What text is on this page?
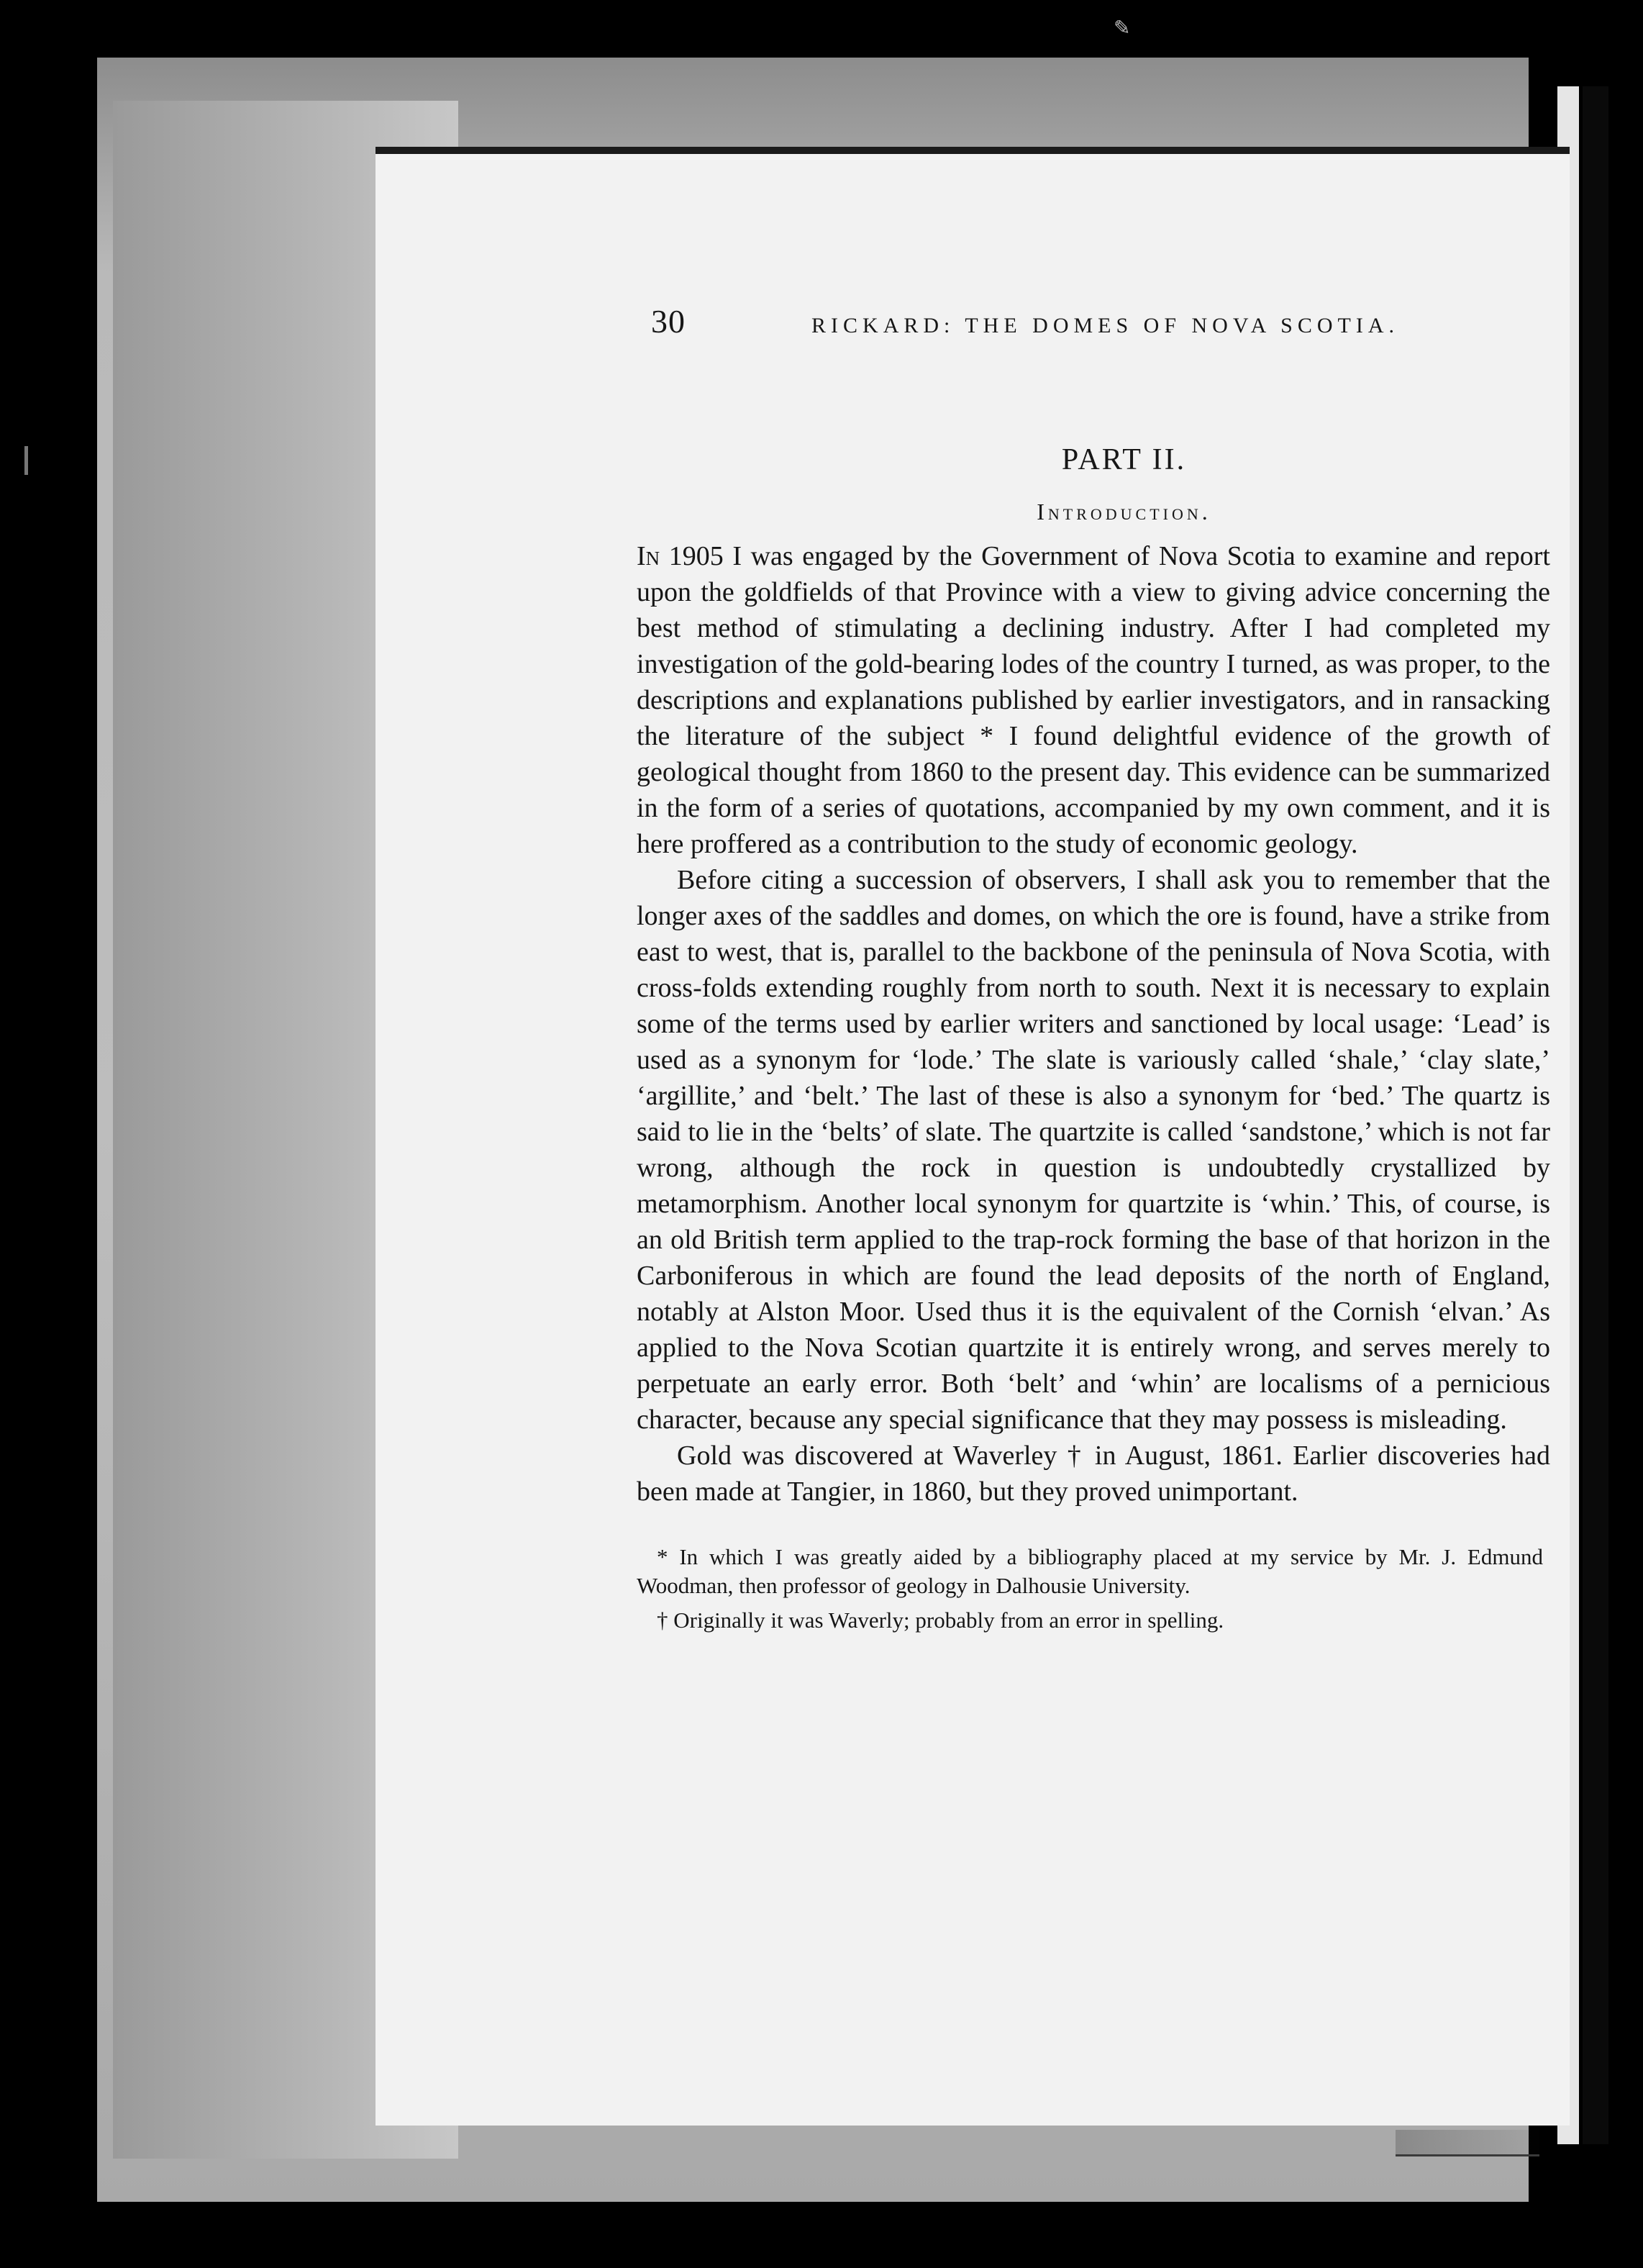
✎
30	RICKARD: THE DOMES OF NOVA SCOTIA.
PART II.
Introduction.

In 1905 I was engaged by the Government of Nova Scotia to examine and report upon the goldfields of that Province with a view to giving advice concerning the best method of stimulating a declining industry. After I had completed my investigation of the gold-bearing lodes of the country I turned, as was proper, to the descriptions and explanations published by earlier investigators, and in ransacking the literature of the subject * I found delightful evidence of the growth of geological thought from 1860 to the present day. This evidence can be summarized in the form of a series of quotations, accompanied by my own comment, and it is here proffered as a contribution to the study of economic geology.

Before citing a succession of observers, I shall ask you to remember that the longer axes of the saddles and domes, on which the ore is found, have a strike from east to west, that is, parallel to the backbone of the peninsula of Nova Scotia, with cross-folds extending roughly from north to south. Next it is necessary to explain some of the terms used by earlier writers and sanctioned by local usage: ‘Lead’ is used as a synonym for ‘lode.’ The slate is variously called ‘shale,’ ‘clay slate,’ ‘argillite,’ and ‘belt.’ The last of these is also a synonym for ‘bed.’ The quartz is said to lie in the ‘belts’ of slate. The quartzite is called ‘sandstone,’ which is not far wrong, although the rock in question is undoubtedly crystallized by metamorphism. Another local synonym for quartzite is ‘whin.’ This, of course, is an old British term applied to the trap-rock forming the base of that horizon in the Carboniferous in which are found the lead deposits of the north of England, notably at Alston Moor. Used thus it is the equivalent of the Cornish ‘elvan.’ As applied to the Nova Scotian quartzite it is entirely wrong, and serves merely to perpetuate an early error. Both ‘belt’ and ‘whin’ are localisms of a pernicious character, because any special significance that they may possess is misleading.

Gold was discovered at Waverley † in August, 1861. Earlier discoveries had been made at Tangier, in 1860, but they proved unimportant.

* In which I was greatly aided by a bibliography placed at my service by Mr. J. Edmund Woodman, then professor of geology in Dalhousie University.

† Originally it was Waverly; probably from an error in spelling.
